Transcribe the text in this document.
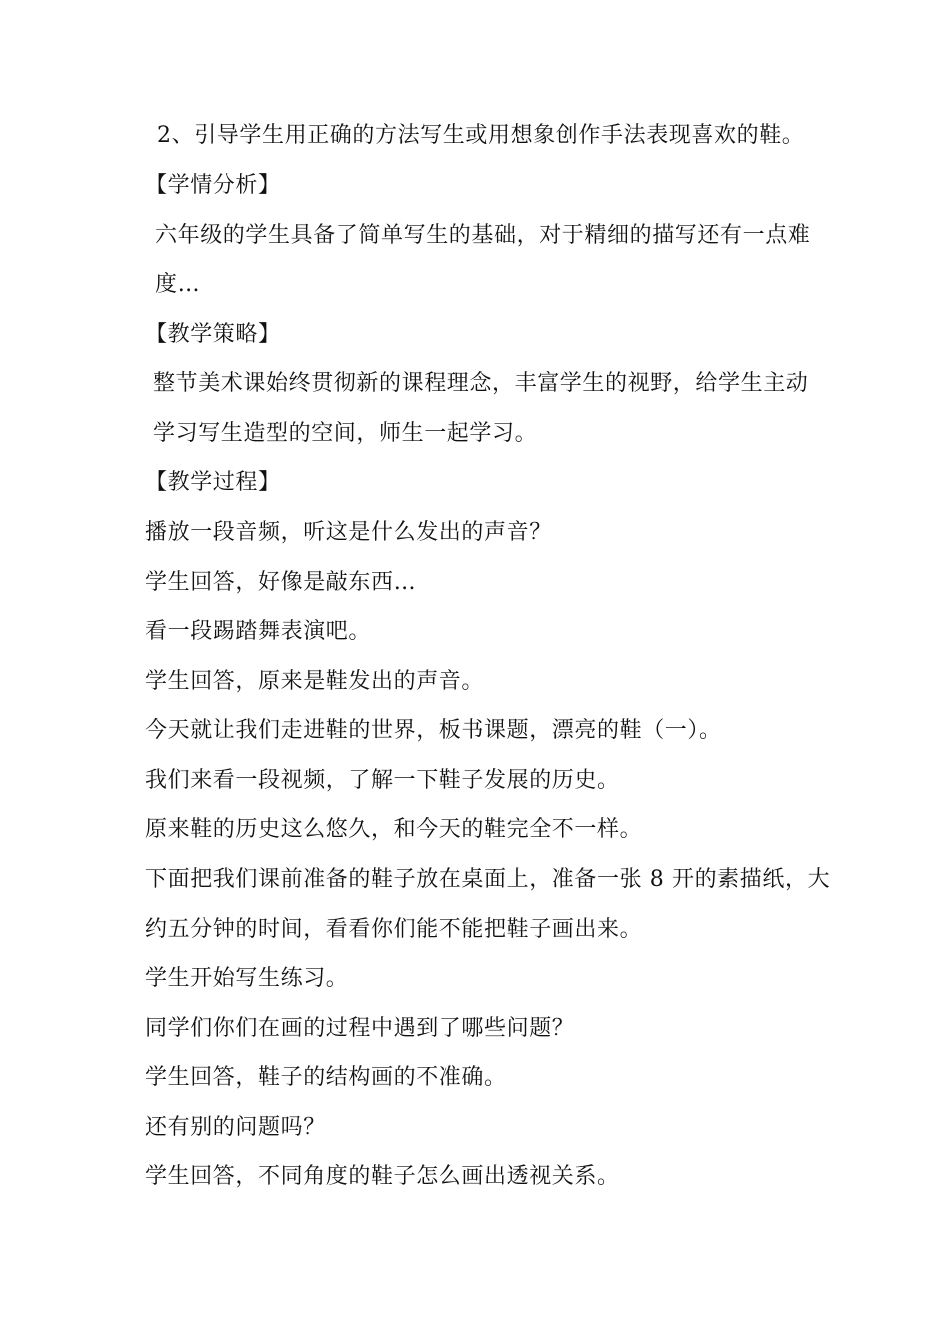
2、引导学生用正确的方法写生或用想象创作手法表现喜欢的鞋。
【学情分析】
六年级的学生具备了简单写生的基础，对于精细的描写还有一点难
度…
【教学策略】
整节美术课始终贯彻新的课程理念，丰富学生的视野，给学生主动
学习写生造型的空间，师生一起学习。
【教学过程】
播放一段音频，听这是什么发出的声音？
学生回答，好像是敲东西…
看一段踢踏舞表演吧。
学生回答，原来是鞋发出的声音。
今天就让我们走进鞋的世界，板书课题，漂亮的鞋（一）。
我们来看一段视频，了解一下鞋子发展的历史。
原来鞋的历史这么悠久，和今天的鞋完全不一样。
下面把我们课前准备的鞋子放在桌面上，准备一张 8 开的素描纸，大
约五分钟的时间，看看你们能不能把鞋子画出来。
学生开始写生练习。
同学们你们在画的过程中遇到了哪些问题？
学生回答，鞋子的结构画的不准确。
还有别的问题吗？
学生回答，不同角度的鞋子怎么画出透视关系。
